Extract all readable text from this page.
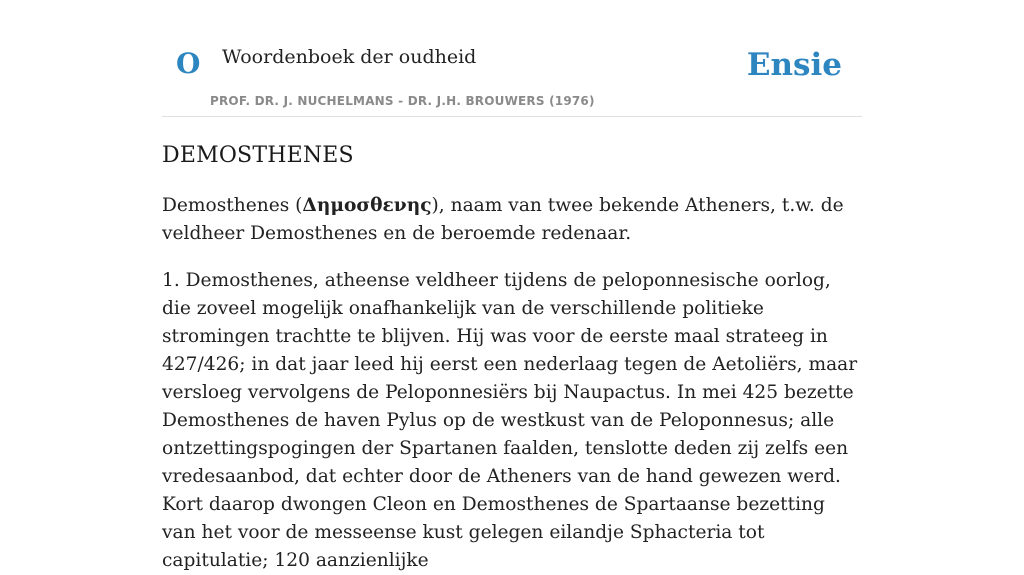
O Woordenboek der oudheid
PROF. DR. J. NUCHELMANS - DR. J.H. BROUWERS (1976)
Ensie
DEMOSTHENES

Demosthenes (Δημοσθενης), naam van twee bekende Atheners, t.w. de veldheer Demosthenes en de beroemde redenaar.

1. Demosthenes, atheense veldheer tijdens de peloponnesische oorlog, die zoveel mogelijk onafhankelijk van de verschillende politieke stromingen trachtte te blijven. Hij was voor de eerste maal strateeg in 427/426; in dat jaar leed hij eerst een nederlaag tegen de Aetoliërs, maar versloeg vervolgens de Peloponnesiërs bij Naupactus. In mei 425 bezette Demosthenes de haven Pylus op de westkust van de Peloponnesus; alle ontzettingspogingen der Spartanen faalden, tenslotte deden zij zelfs een vredesaanbod, dat echter door de Atheners van de hand gewezen werd. Kort daarop dwongen Cleon en Demosthenes de Spartaanse bezetting van het voor de messeense kust gelegen eilandje Sphacteria tot capitulatie; 120 aanzienlijke
